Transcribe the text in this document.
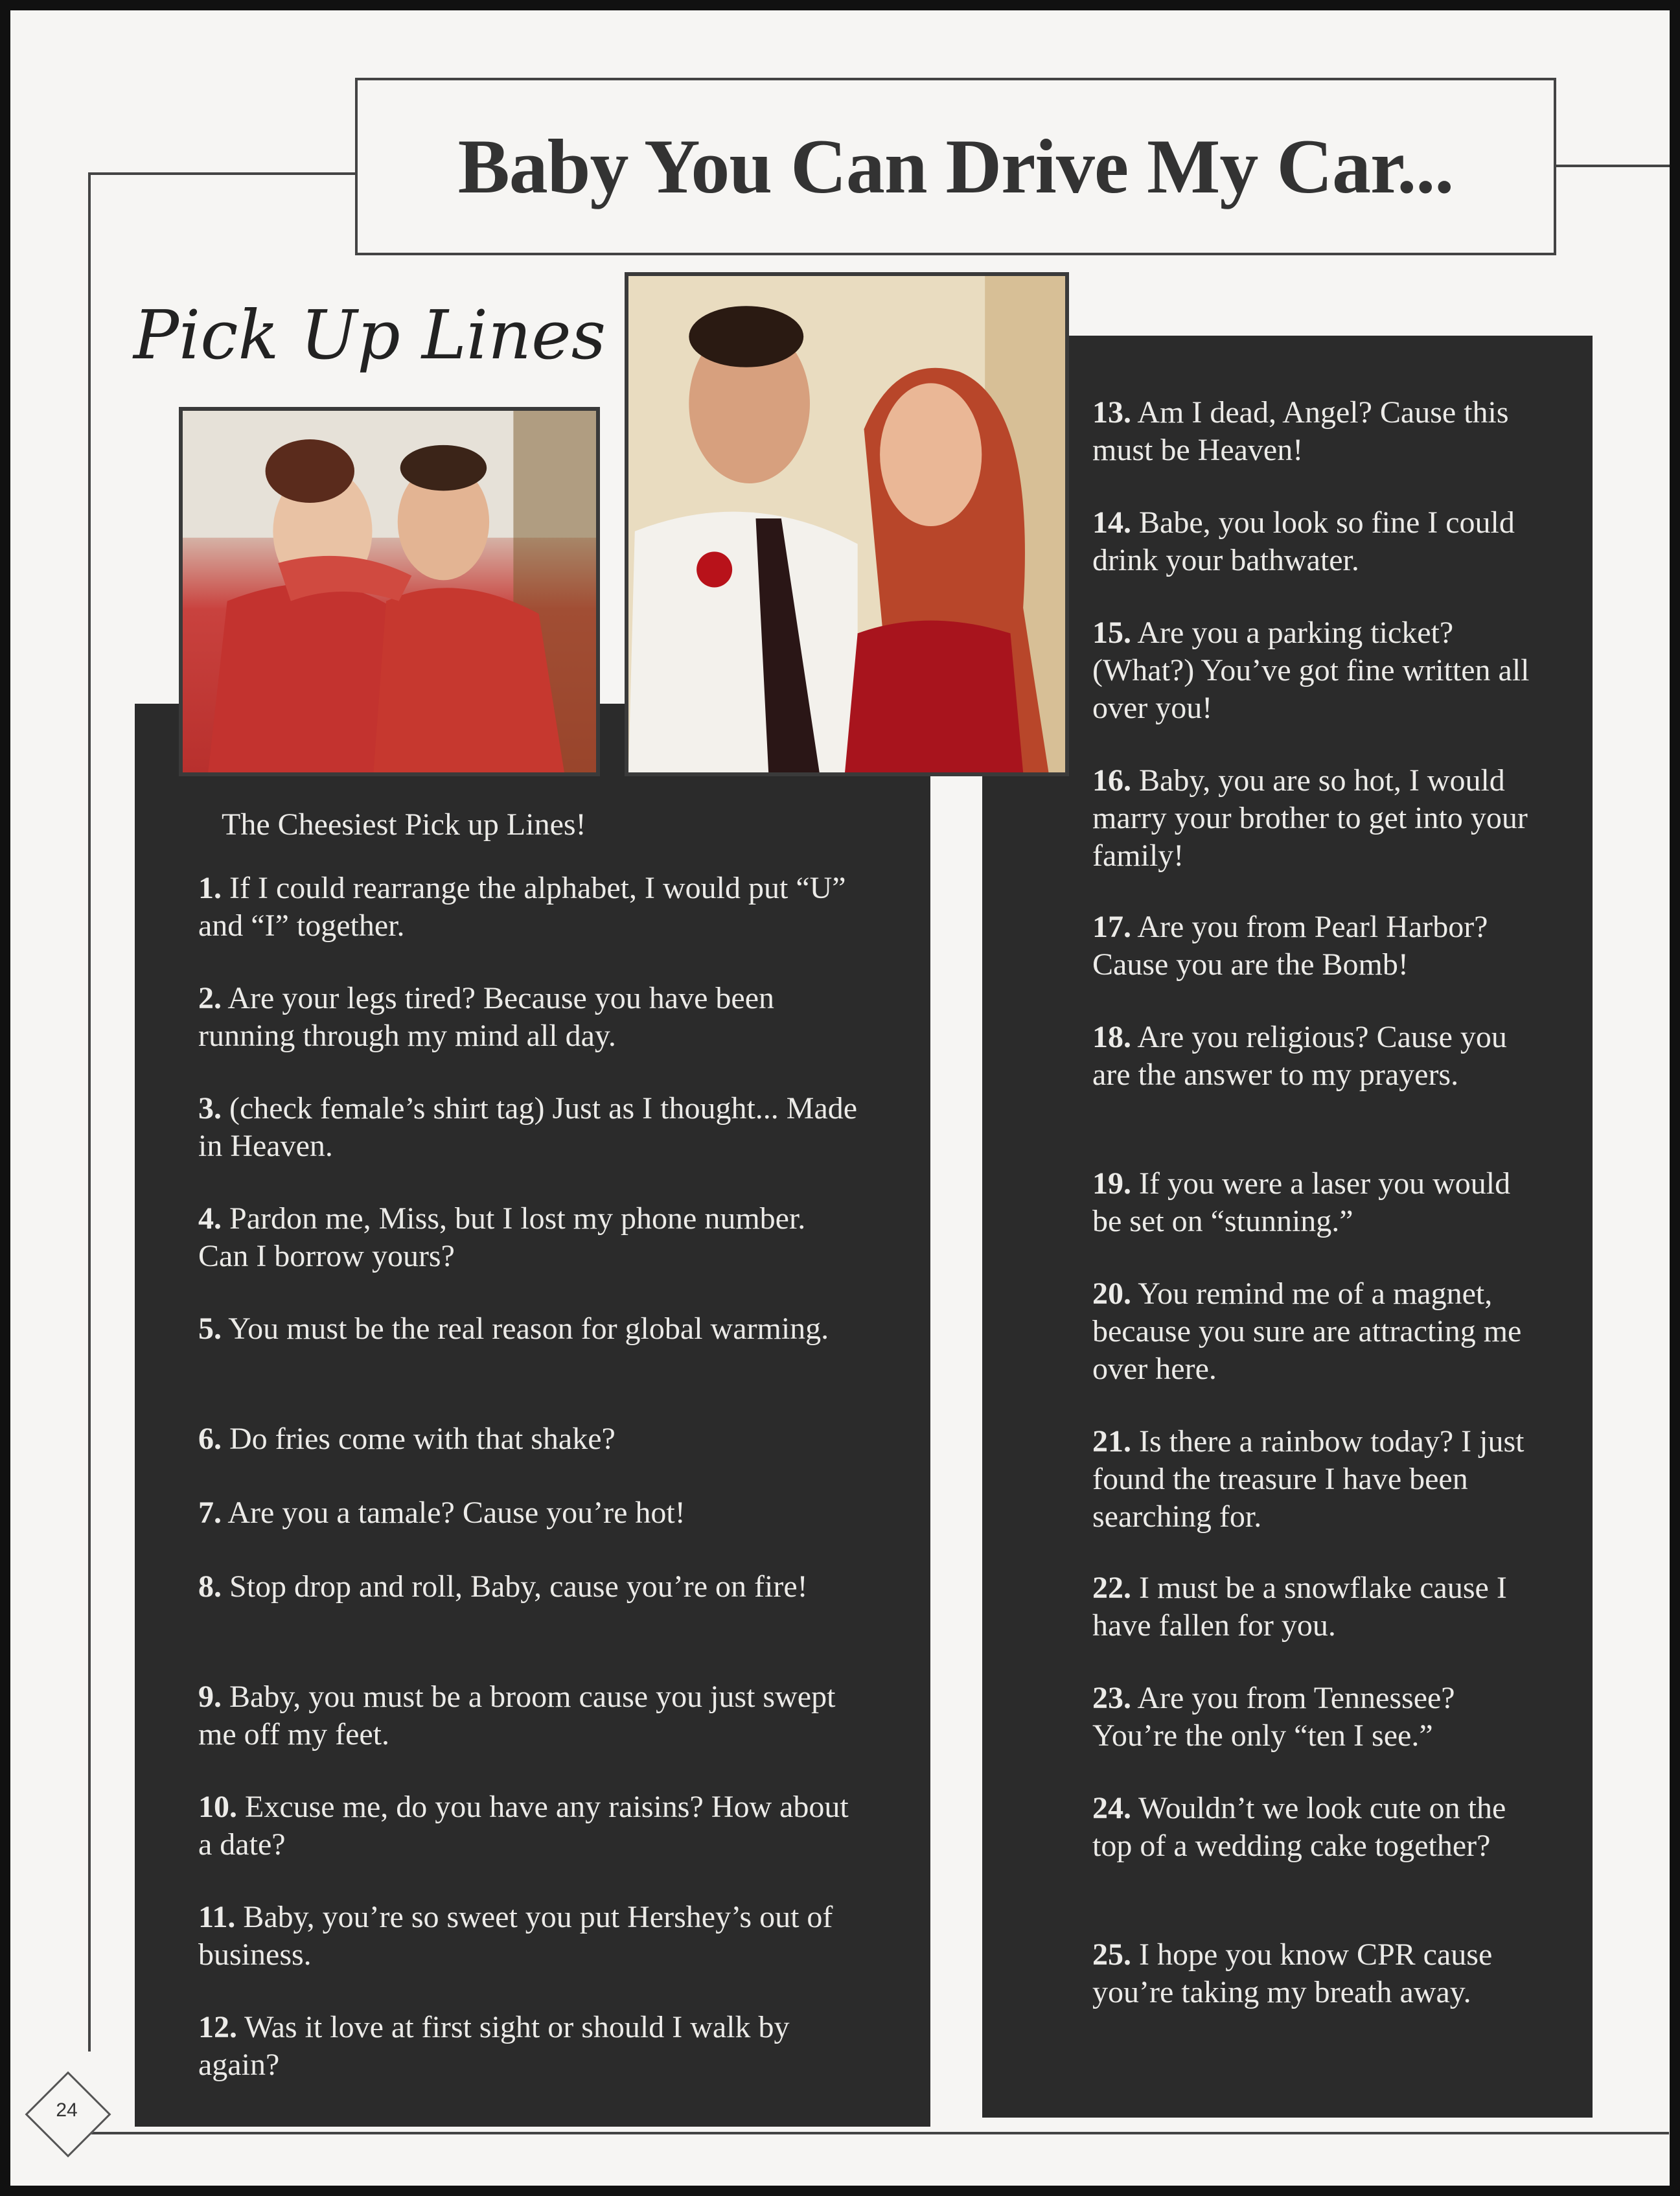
Baby You Can Drive My Car...
Pick Up Lines
The Cheesiest Pick up Lines!
1. If I could rearrange the alphabet, I would put “U” and “I” together.
2. Are your legs tired? Because you have been running through my mind all day.
3. (check female’s shirt tag) Just as I thought... Made in Heaven.
4. Pardon me, Miss, but I lost my phone number. Can I borrow yours?
5. You must be the real reason for global warming.
6. Do fries come with that shake?
7. Are you a tamale? Cause you’re hot!
8. Stop drop and roll, Baby, cause you’re on fire!
9. Baby, you must be a broom cause you just swept me off my feet.
10. Excuse me, do you have any raisins? How about a date?
11. Baby, you’re so sweet you put Hershey’s out of business.
12. Was it love at first sight or should I walk by again?
13. Am I dead, Angel? Cause this must be Heaven!
14. Babe, you look so fine I could drink your bathwater.
15. Are you a parking ticket? (What?) You’ve got fine written all over you!
16. Baby, you are so hot, I would marry your brother to get into your family!
17. Are you from Pearl Harbor? Cause you are the Bomb!
18. Are you religious? Cause you are the answer to my prayers.
19. If you were a laser you would be set on “stunning.”
20. You remind me of a magnet, because you sure are attracting me over here.
21. Is there a rainbow today? I just found the treasure I have been searching for.
22. I must be a snowflake cause I have fallen for you.
23. Are you from Tennessee? You’re the only “ten I see.”
24. Wouldn’t we look cute on the top of a wedding cake together?
25. I hope you know CPR cause you’re taking my breath away.
24
